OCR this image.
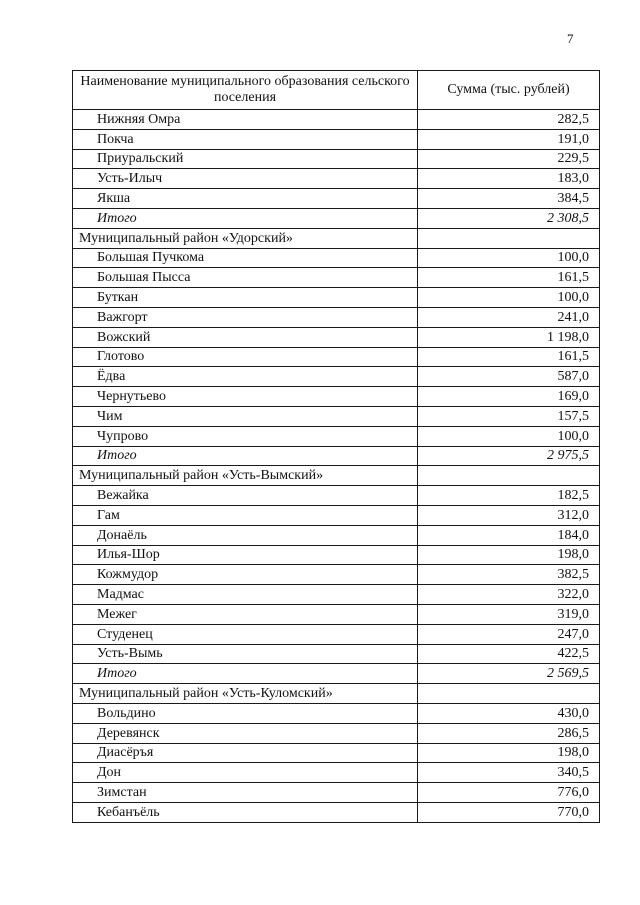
7
Наименование муниципального образования сельского поселения	Сумма (тыс. рублей)
Нижняя Омра	282,5
Покча	191,0
Приуральский	229,5
Усть-Илыч	183,0
Якша	384,5
Итого	2 308,5
Муниципальный район «Удорский»	
Большая Пучкома	100,0
Большая Пысса	161,5
Буткан	100,0
Важгорт	241,0
Вожский	1 198,0
Глотово	161,5
Ёдва	587,0
Чернутьево	169,0
Чим	157,5
Чупрово	100,0
Итого	2 975,5
Муниципальный район «Усть-Вымский»	
Вежайка	182,5
Гам	312,0
Донаёль	184,0
Илья-Шор	198,0
Кожмудор	382,5
Мадмас	322,0
Межег	319,0
Студенец	247,0
Усть-Вымь	422,5
Итого	2 569,5
Муниципальный район «Усть-Куломский»	
Вольдино	430,0
Деревянск	286,5
Диасёръя	198,0
Дон	340,5
Зимстан	776,0
Кебанъёль	770,0
